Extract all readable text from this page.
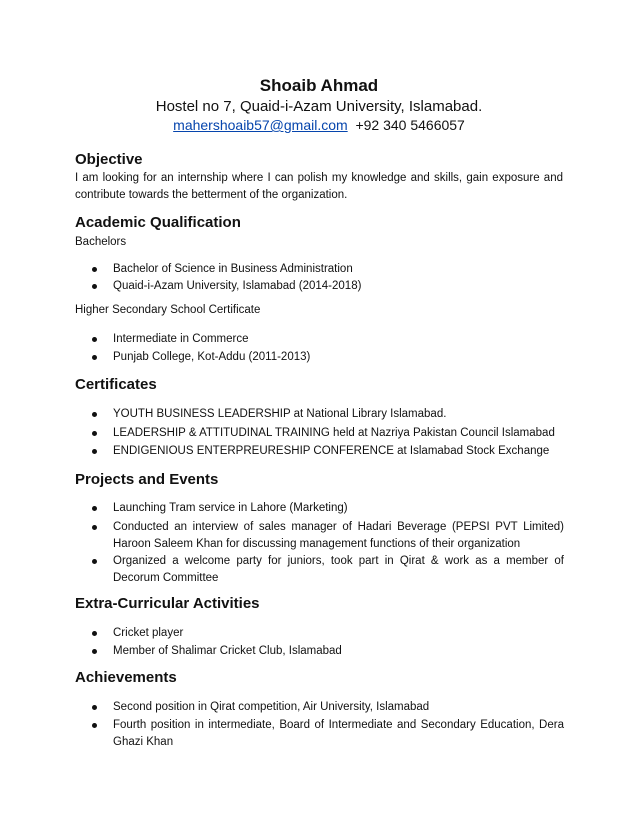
Shoaib Ahmad
Hostel no 7, Quaid-i-Azam University, Islamabad.
mahershoaib57@gmail.com +92 340 5466057
Objective
I am looking for an internship where I can polish my knowledge and skills, gain exposure and contribute towards the betterment of the organization.
Academic Qualification
Bachelors
Bachelor of Science in Business Administration
Quaid-i-Azam University, Islamabad (2014-2018)
Higher Secondary School Certificate
Intermediate in Commerce
Punjab College, Kot-Addu (2011-2013)
Certificates
YOUTH BUSINESS LEADERSHIP at National Library Islamabad.
LEADERSHIP & ATTITUDINAL TRAINING held at Nazriya Pakistan Council Islamabad
ENDIGENIOUS ENTERPREURESHIP CONFERENCE at Islamabad Stock Exchange
Projects and Events
Launching Tram service in Lahore (Marketing)
Conducted an interview of sales manager of Hadari Beverage (PEPSI PVT Limited) Haroon Saleem Khan for discussing management functions of their organization
Organized a welcome party for juniors, took part in Qirat & work as a member of Decorum Committee
Extra-Curricular Activities
Cricket player
Member of Shalimar Cricket Club, Islamabad
Achievements
Second position in Qirat competition, Air University, Islamabad
Fourth position in intermediate, Board of Intermediate and Secondary Education, Dera Ghazi Khan
